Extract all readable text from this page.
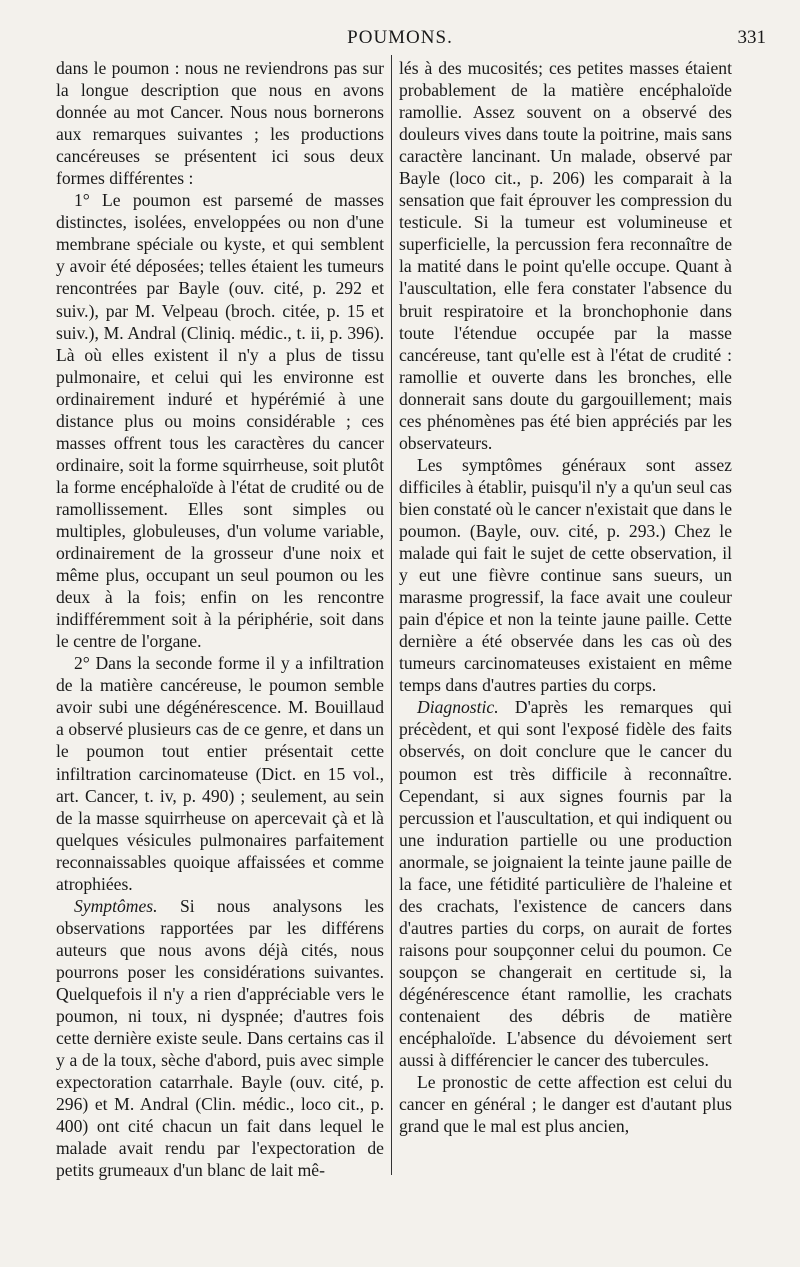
POUMONS.	331

dans le poumon : nous ne reviendrons pas sur la longue description que nous en avons donnée au mot Cancer. Nous nous bornerons aux remarques suivantes ; les productions cancéreuses se présentent ici sous deux formes différentes :

1° Le poumon est parsemé de masses distinctes, isolées, enveloppées ou non d'une membrane spéciale ou kyste, et qui semblent y avoir été déposées; telles étaient les tumeurs rencontrées par Bayle (ouv. cité, p. 292 et suiv.), par M. Velpeau (broch. citée, p. 15 et suiv.), M. Andral (Cliniq. médic., t. ii, p. 396). Là où elles existent il n'y a plus de tissu pulmonaire, et celui qui les environne est ordinairement induré et hypérémié à une distance plus ou moins considérable ; ces masses offrent tous les caractères du cancer ordinaire, soit la forme squirrheuse, soit plutôt la forme encéphaloïde à l'état de crudité ou de ramollissement. Elles sont simples ou multiples, globuleuses, d'un volume variable, ordinairement de la grosseur d'une noix et même plus, occupant un seul poumon ou les deux à la fois; enfin on les rencontre indifféremment soit à la périphérie, soit dans le centre de l'organe.

2° Dans la seconde forme il y a infiltration de la matière cancéreuse, le poumon semble avoir subi une dégénérescence. M. Bouillaud a observé plusieurs cas de ce genre, et dans un le poumon tout entier présentait cette infiltration carcinomateuse (Dict. en 15 vol., art. Cancer, t. iv, p. 490) ; seulement, au sein de la masse squirrheuse on apercevait çà et là quelques vésicules pulmonaires parfaitement reconnaissables quoique affaissées et comme atrophiées.

Symptômes. Si nous analysons les observations rapportées par les différens auteurs que nous avons déjà cités, nous pourrons poser les considérations suivantes. Quelquefois il n'y a rien d'appréciable vers le poumon, ni toux, ni dyspnée; d'autres fois cette dernière existe seule. Dans certains cas il y a de la toux, sèche d'abord, puis avec simple expectoration catarrhale. Bayle (ouv. cité, p. 296) et M. Andral (Clin. médic., loco cit., p. 400) ont cité chacun un fait dans lequel le malade avait rendu par l'expectoration de petits grumeaux d'un blanc de lait mê-

lés à des mucosités; ces petites masses étaient probablement de la matière encéphaloïde ramollie. Assez souvent on a observé des douleurs vives dans toute la poitrine, mais sans caractère lancinant. Un malade, observé par Bayle (loco cit., p. 206) les comparait à la sensation que fait éprouver les compression du testicule. Si la tumeur est volumineuse et superficielle, la percussion fera reconnaître de la matité dans le point qu'elle occupe. Quant à l'auscultation, elle fera constater l'absence du bruit respiratoire et la bronchophonie dans toute l'étendue occupée par la masse cancéreuse, tant qu'elle est à l'état de crudité : ramollie et ouverte dans les bronches, elle donnerait sans doute du gargouillement; mais ces phénomènes pas été bien appréciés par les observateurs.

Les symptômes généraux sont assez difficiles à établir, puisqu'il n'y a qu'un seul cas bien constaté où le cancer n'existait que dans le poumon. (Bayle, ouv. cité, p. 293.) Chez le malade qui fait le sujet de cette observation, il y eut une fièvre continue sans sueurs, un marasme progressif, la face avait une couleur pain d'épice et non la teinte jaune paille. Cette dernière a été observée dans les cas où des tumeurs carcinomateuses existaient en même temps dans d'autres parties du corps.

Diagnostic. D'après les remarques qui précèdent, et qui sont l'exposé fidèle des faits observés, on doit conclure que le cancer du poumon est très difficile à reconnaître. Cependant, si aux signes fournis par la percussion et l'auscultation, et qui indiquent ou une induration partielle ou une production anormale, se joignaient la teinte jaune paille de la face, une fétidité particulière de l'haleine et des crachats, l'existence de cancers dans d'autres parties du corps, on aurait de fortes raisons pour soupçonner celui du poumon. Ce soupçon se changerait en certitude si, la dégénérescence étant ramollie, les crachats contenaient des débris de matière encéphaloïde. L'absence du dévoiement sert aussi à différencier le cancer des tubercules.

Le pronostic de cette affection est celui du cancer en général ; le danger est d'autant plus grand que le mal est plus ancien,
